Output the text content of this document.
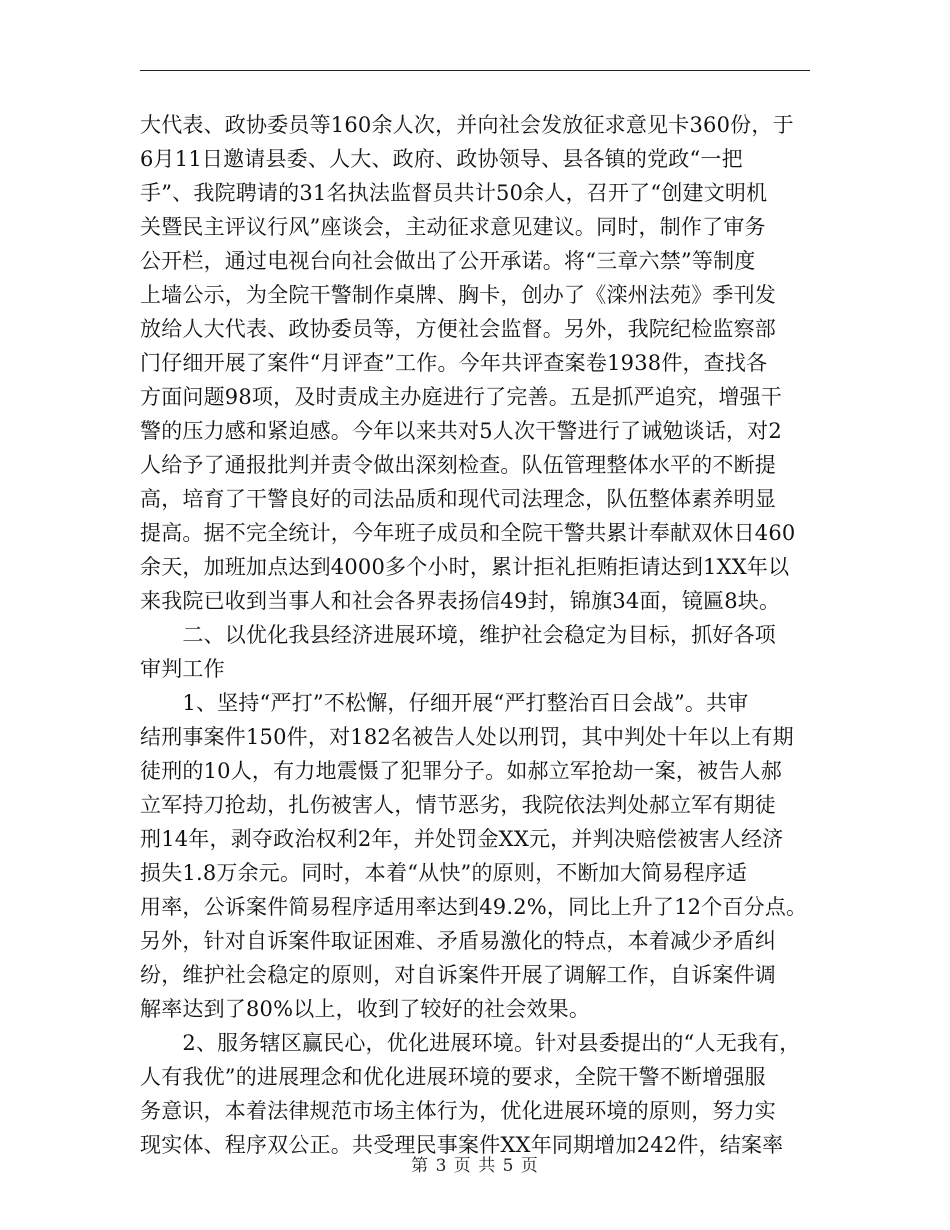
大代表、政协委员等160余人次，并向社会发放征求意见卡360份，于
6月11日邀请县委、人大、政府、政协领导、县各镇的党政“一把
手”、我院聘请的31名执法监督员共计50余人，召开了“创建文明机
关暨民主评议行风”座谈会，主动征求意见建议。同时，制作了审务
公开栏，通过电视台向社会做出了公开承诺。将“三章六禁”等制度
上墙公示，为全院干警制作桌牌、胸卡，创办了《滦州法苑》季刊发
放给人大代表、政协委员等，方便社会监督。另外，我院纪检监察部
门仔细开展了案件“月评查”工作。今年共评查案卷1938件，查找各
方面问题98项，及时责成主办庭进行了完善。五是抓严追究，增强干
警的压力感和紧迫感。今年以来共对5人次干警进行了诫勉谈话，对2
人给予了通报批判并责令做出深刻检查。队伍管理整体水平的不断提
高，培育了干警良好的司法品质和现代司法理念，队伍整体素养明显
提高。据不完全统计，今年班子成员和全院干警共累计奉献双休日460
余天，加班加点达到4000多个小时，累计拒礼拒贿拒请达到1XX年以
来我院已收到当事人和社会各界表扬信49封，锦旗34面，镜匾8块。
　　二、以优化我县经济进展环境，维护社会稳定为目标，抓好各项
审判工作
　　1、坚持“严打”不松懈，仔细开展“严打整治百日会战”。共审
结刑事案件150件，对182名被告人处以刑罚，其中判处十年以上有期
徒刑的10人，有力地震慑了犯罪分子。如郝立军抢劫一案，被告人郝
立军持刀抢劫，扎伤被害人，情节恶劣，我院依法判处郝立军有期徒
刑14年，剥夺政治权利2年，并处罚金XX元，并判决赔偿被害人经济
损失1.8万余元。同时，本着“从快”的原则，不断加大简易程序适
用率，公诉案件简易程序适用率达到49.2%，同比上升了12个百分点。
另外，针对自诉案件取证困难、矛盾易激化的特点，本着减少矛盾纠
纷，维护社会稳定的原则，对自诉案件开展了调解工作，自诉案件调
解率达到了80%以上，收到了较好的社会效果。
　　2、服务辖区赢民心，优化进展环境。针对县委提出的“人无我有，
人有我优”的进展理念和优化进展环境的要求，全院干警不断增强服
务意识，本着法律规范市场主体行为，优化进展环境的原则，努力实
现实体、程序双公正。共受理民事案件XX年同期增加242件，结案率
第 3 页 共 5 页
